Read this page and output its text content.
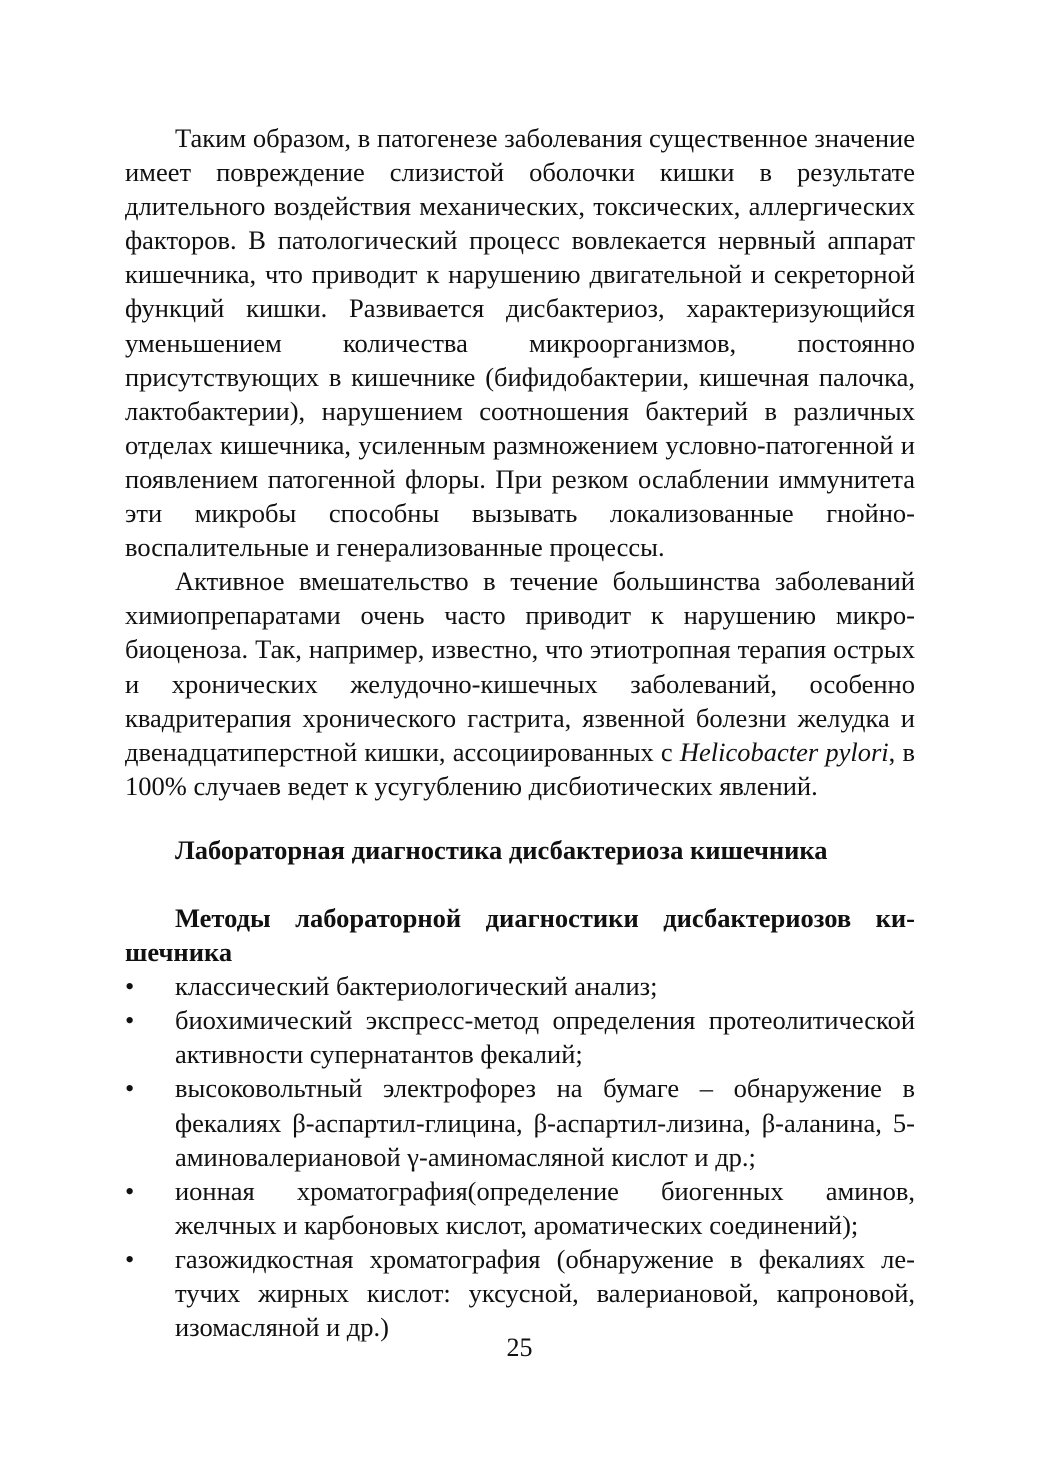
Таким образом, в патогенезе заболевания существенное значение имеет повреждение слизистой оболочки кишки в результате длительного воздействия механических, токсических, аллергических факторов. В патологический процесс вовлекается нервный аппарат кишечника, что приводит к нарушению двигательной и секреторной функций кишки. Развивается дисбактериоз, характеризующийся уменьшением количества микроорганизмов, постоянно присутствующих в кишечнике (бифидобактерии, кишечная палочка, лактобактерии), нарушением соотношения бактерий в различных отделах кишечника, усиленным размножением условно-патогенной и появлением патогенной флоры. При резком ослаблении иммунитета эти микробы способны вызывать локализованные гнойно-воспалительные и генерализованные процессы.

Активное вмешательство в течение большинства заболеваний химиопрепаратами очень часто приводит к нарушению микробиоценоза. Так, например, известно, что этиотропная терапия острых и хронических желудочно-кишечных заболеваний, особенно квадритерапия хронического гастрита, язвенной болезни желудка и двенадцатиперстной кишки, ассоциированных с Helicobacter pylori, в 100% случаев ведет к усугублению дисбиотических явлений.

Лабораторная диагностика дисбактериоза кишечника
Методы лабораторной диагностики дисбактериозов кишечника
•	классический бактериологический анализ;
•	биохимический экспресс-метод определения протеолитической активности супернатантов фекалий;
•	высоковольтный электрофорез на бумаге – обнаружение в фекалиях β-аспартил-глицина, β-аспартил-лизина, β-аланина, 5-аминовалериановой γ-аминомасляной кислот и др.;
•	ионная хроматография(определение биогенных аминов, желчных и карбоновых кислот, ароматических соединений);
•	газожидкостная хроматография (обнаружение в фекалиях летучих жирных кислот: уксусной, валериановой, капроновой, изомасляной и др.)
25
